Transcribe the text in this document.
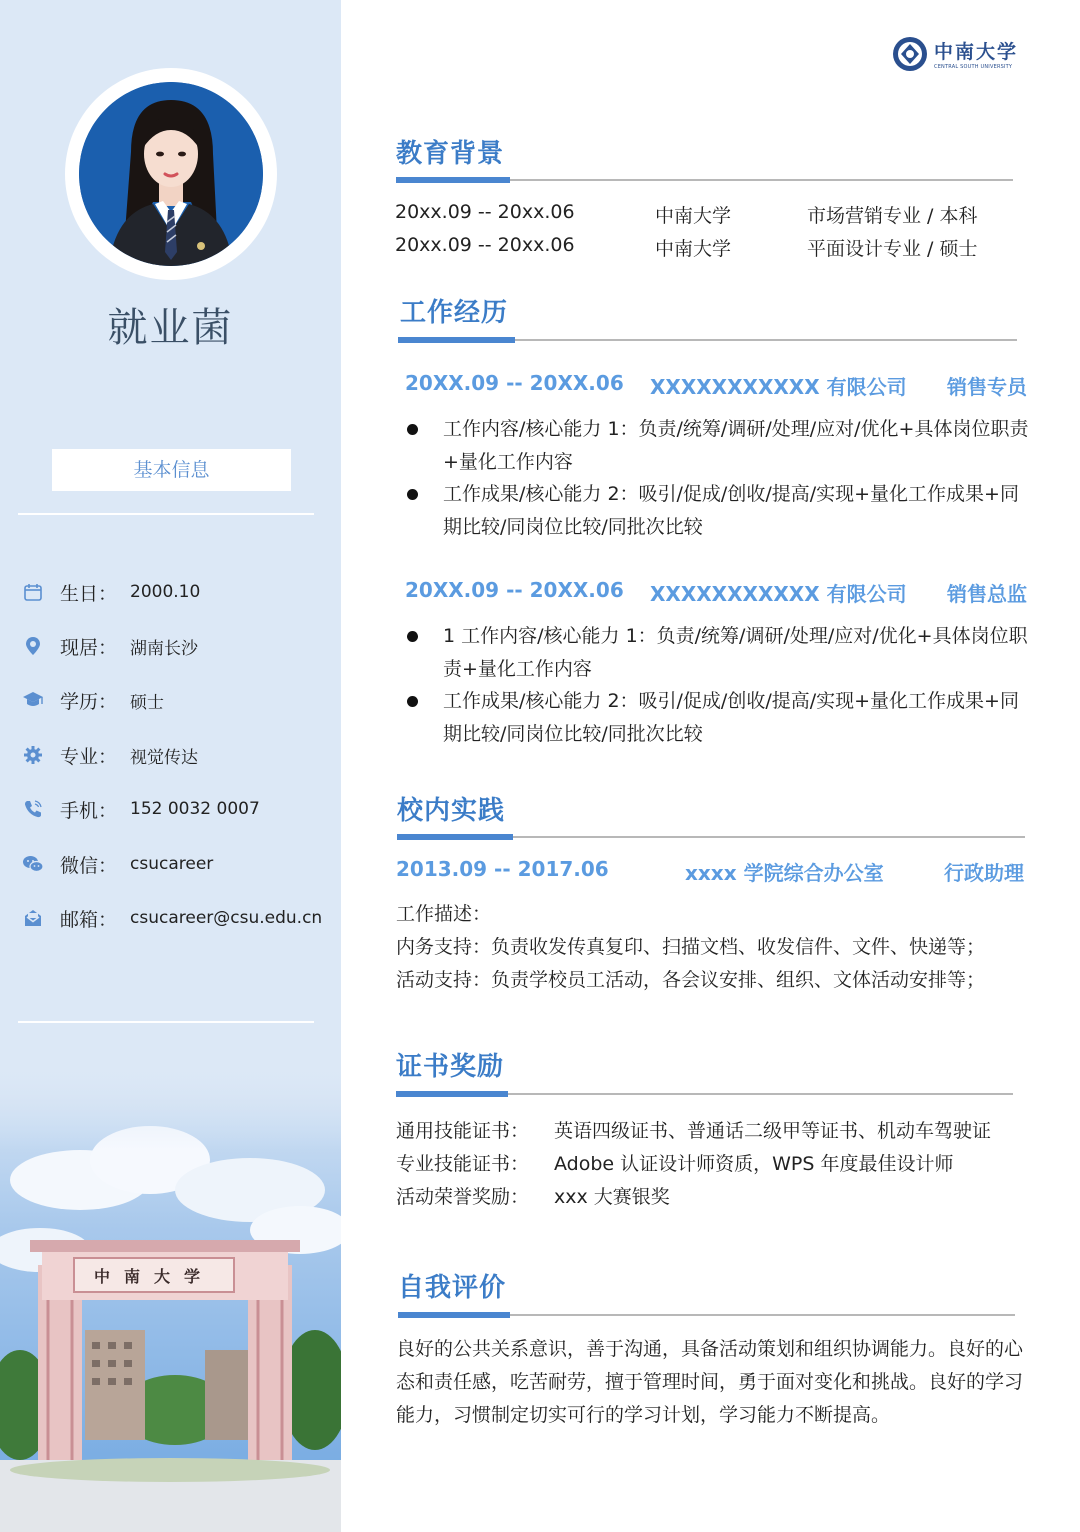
就业菌
基本信息
生日： 2000.10
现居： 湖南长沙
学历： 硕士
专业： 视觉传达
手机： 152 0032 0007
微信： csucareer
邮箱： csucareer@csu.edu.cn
中南大学
中南大学
CENTRAL SOUTH UNIVERSITY
教育背景
20xx.09 -- 20xx.06	中南大学	市场营销专业 / 本科
20xx.09 -- 20xx.06	中南大学	平面设计专业 / 硕士
工作经历
20XX.09 -- 20XX.06 XXXXXXXXXXX 有限公司 销售专员
工作内容/核心能力 1：负责/统筹/调研/处理/应对/优化+具体岗位职责+量化工作内容
工作成果/核心能力 2：吸引/促成/创收/提高/实现+量化工作成果+同期比较/同岗位比较/同批次比较
20XX.09 -- 20XX.06 XXXXXXXXXXX 有限公司 销售总监
1 工作内容/核心能力 1：负责/统筹/调研/处理/应对/优化+具体岗位职责+量化工作内容
工作成果/核心能力 2：吸引/促成/创收/提高/实现+量化工作成果+同期比较/同岗位比较/同批次比较
校内实践
2013.09 -- 2017.06	xxxx 学院综合办公室	行政助理
工作描述：
内务支持：负责收发传真复印、扫描文档、收发信件、文件、快递等；
活动支持：负责学校员工活动，各会议安排、组织、文体活动安排等；
证书奖励
通用技能证书： 英语四级证书、普通话二级甲等证书、机动车驾驶证
专业技能证书： Adobe 认证设计师资质，WPS 年度最佳设计师
活动荣誉奖励： xxx 大赛银奖
自我评价
良好的公共关系意识，善于沟通，具备活动策划和组织协调能力。良好的心态和责任感，吃苦耐劳，擅于管理时间，勇于面对变化和挑战。良好的学习能力，习惯制定切实可行的学习计划，学习能力不断提高。
